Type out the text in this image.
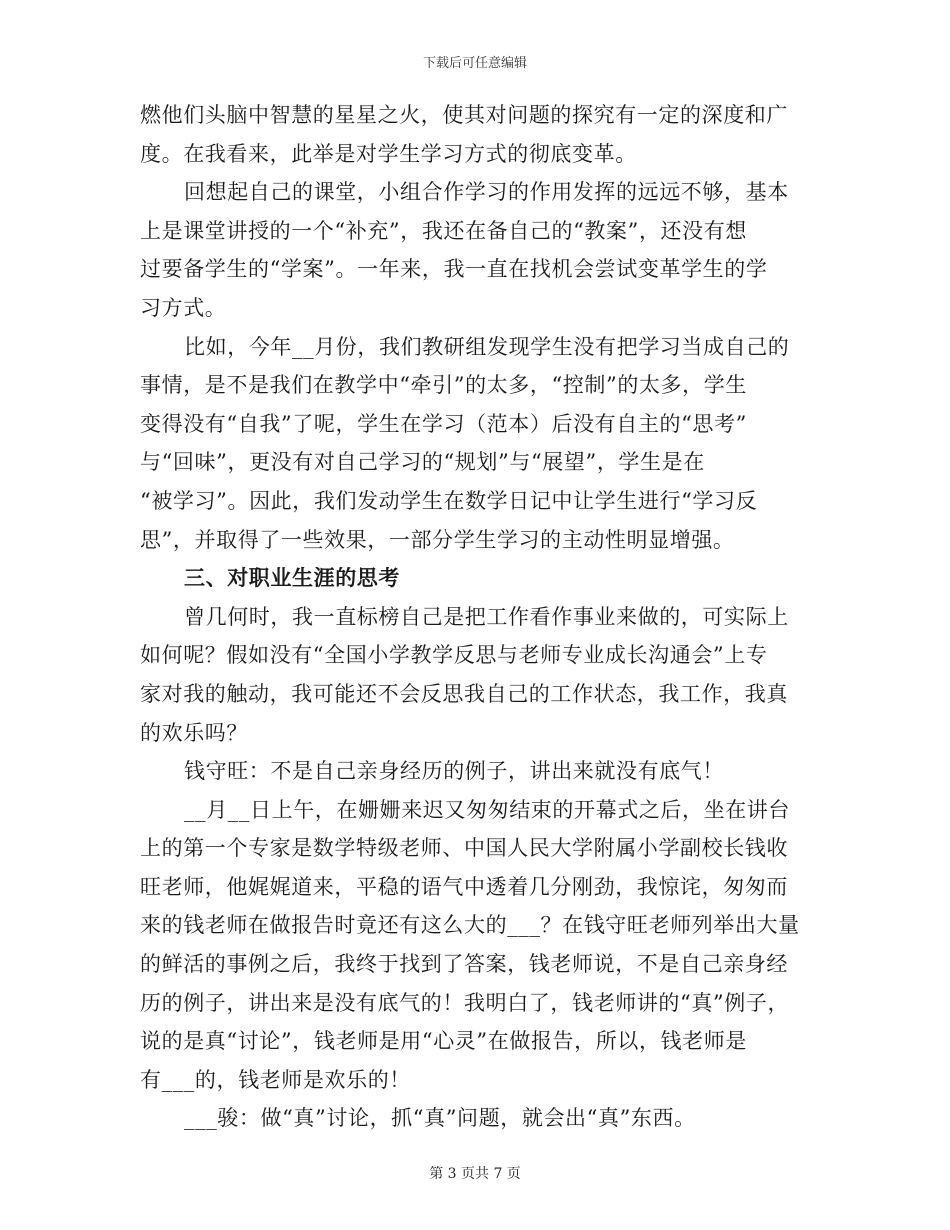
下载后可任意编辑
燃他们头脑中智慧的星星之火，使其对问题的探究有一定的深度和广
度。在我看来，此举是对学生学习方式的彻底变革。
回想起自己的课堂，小组合作学习的作用发挥的远远不够，基本
上是课堂讲授的一个“补充”，我还在备自己的“教案”，还没有想
过要备学生的“学案”。一年来，我一直在找机会尝试变革学生的学
习方式。
比如，今年__月份，我们教研组发现学生没有把学习当成自己的
事情，是不是我们在教学中“牵引”的太多，“控制”的太多，学生
变得没有“自我”了呢，学生在学习（范本）后没有自主的“思考”
与“回味”，更没有对自己学习的“规划”与“展望”，学生是在
“被学习”。因此，我们发动学生在数学日记中让学生进行“学习反
思”，并取得了一些效果，一部分学生学习的主动性明显增强。
三、对职业生涯的思考
曾几何时，我一直标榜自己是把工作看作事业来做的，可实际上
如何呢？假如没有“全国小学教学反思与老师专业成长沟通会”上专
家对我的触动，我可能还不会反思我自己的工作状态，我工作，我真
的欢乐吗？
钱守旺：不是自己亲身经历的例子，讲出来就没有底气！
__月__日上午，在姗姗来迟又匆匆结束的开幕式之后，坐在讲台
上的第一个专家是数学特级老师、中国人民大学附属小学副校长钱收
旺老师，他娓娓道来，平稳的语气中透着几分刚劲，我惊诧，匆匆而
来的钱老师在做报告时竟还有这么大的___？在钱守旺老师列举出大量
的鲜活的事例之后，我终于找到了答案，钱老师说，不是自己亲身经
历的例子，讲出来是没有底气的！我明白了，钱老师讲的“真”例子，
说的是真“讨论”，钱老师是用“心灵”在做报告，所以，钱老师是
有___的，钱老师是欢乐的！
___骏：做“真”讨论，抓“真”问题，就会出“真”东西。
第 3 页共 7 页
